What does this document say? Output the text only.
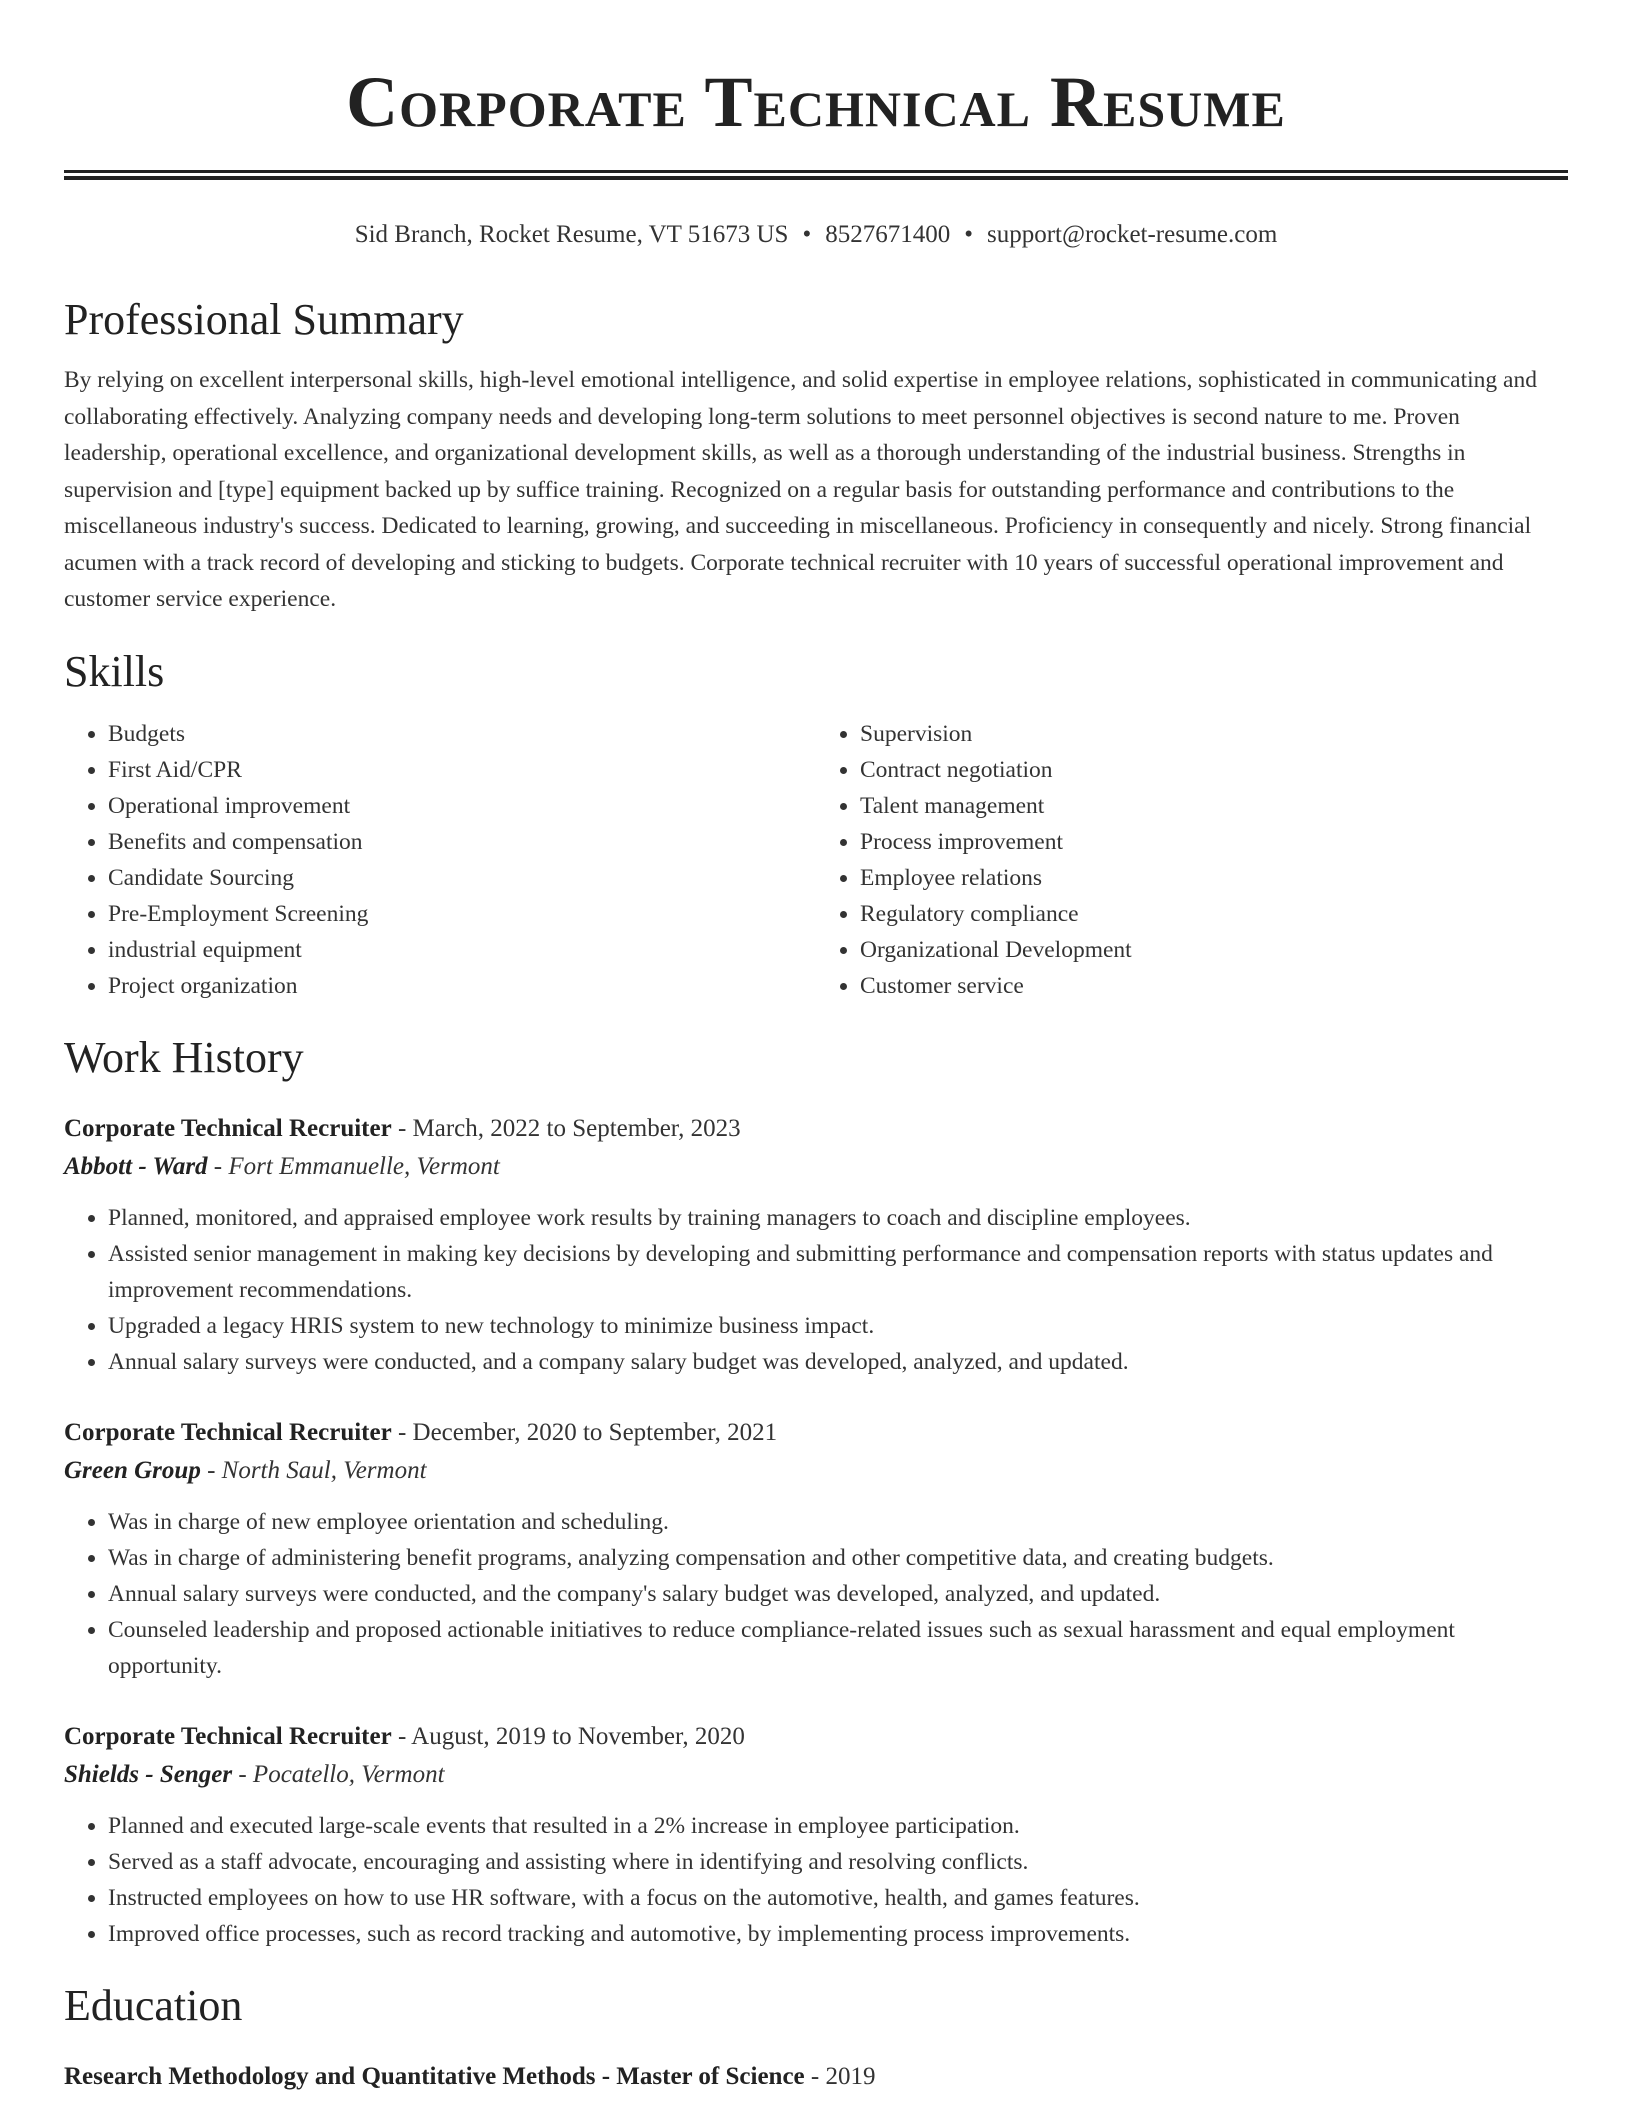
Corporate Technical Resume
Sid Branch, Rocket Resume, VT 51673 US • 8527671400 • support@rocket-resume.com
Professional Summary

By relying on excellent interpersonal skills, high-level emotional intelligence, and solid expertise in employee relations, sophisticated in communicating and collaborating effectively. Analyzing company needs and developing long-term solutions to meet personnel objectives is second nature to me. Proven leadership, operational excellence, and organizational development skills, as well as a thorough understanding of the industrial business. Strengths in supervision and [type] equipment backed up by suffice training. Recognized on a regular basis for outstanding performance and contributions to the miscellaneous industry's success. Dedicated to learning, growing, and succeeding in miscellaneous. Proficiency in consequently and nicely. Strong financial acumen with a track record of developing and sticking to budgets. Corporate technical recruiter with 10 years of successful operational improvement and customer service experience.

Skills
• Budgets
• First Aid/CPR
• Operational improvement
• Benefits and compensation
• Candidate Sourcing
• Pre-Employment Screening
• industrial equipment
• Project organization
• Supervision
• Contract negotiation
• Talent management
• Process improvement
• Employee relations
• Regulatory compliance
• Organizational Development
• Customer service
Work History
Corporate Technical Recruiter - March, 2022 to September, 2023
Abbott - Ward - Fort Emmanuelle, Vermont
• Planned, monitored, and appraised employee work results by training managers to coach and discipline employees.
• Assisted senior management in making key decisions by developing and submitting performance and compensation reports with status updates and improvement recommendations.
• Upgraded a legacy HRIS system to new technology to minimize business impact.
• Annual salary surveys were conducted, and a company salary budget was developed, analyzed, and updated.
Corporate Technical Recruiter - December, 2020 to September, 2021
Green Group - North Saul, Vermont
• Was in charge of new employee orientation and scheduling.
• Was in charge of administering benefit programs, analyzing compensation and other competitive data, and creating budgets.
• Annual salary surveys were conducted, and the company's salary budget was developed, analyzed, and updated.
• Counseled leadership and proposed actionable initiatives to reduce compliance-related issues such as sexual harassment and equal employment opportunity.
Corporate Technical Recruiter - August, 2019 to November, 2020
Shields - Senger - Pocatello, Vermont
• Planned and executed large-scale events that resulted in a 2% increase in employee participation.
• Served as a staff advocate, encouraging and assisting where in identifying and resolving conflicts.
• Instructed employees on how to use HR software, with a focus on the automotive, health, and games features.
• Improved office processes, such as record tracking and automotive, by implementing process improvements.
Education
Research Methodology and Quantitative Methods - Master of Science - 2019
